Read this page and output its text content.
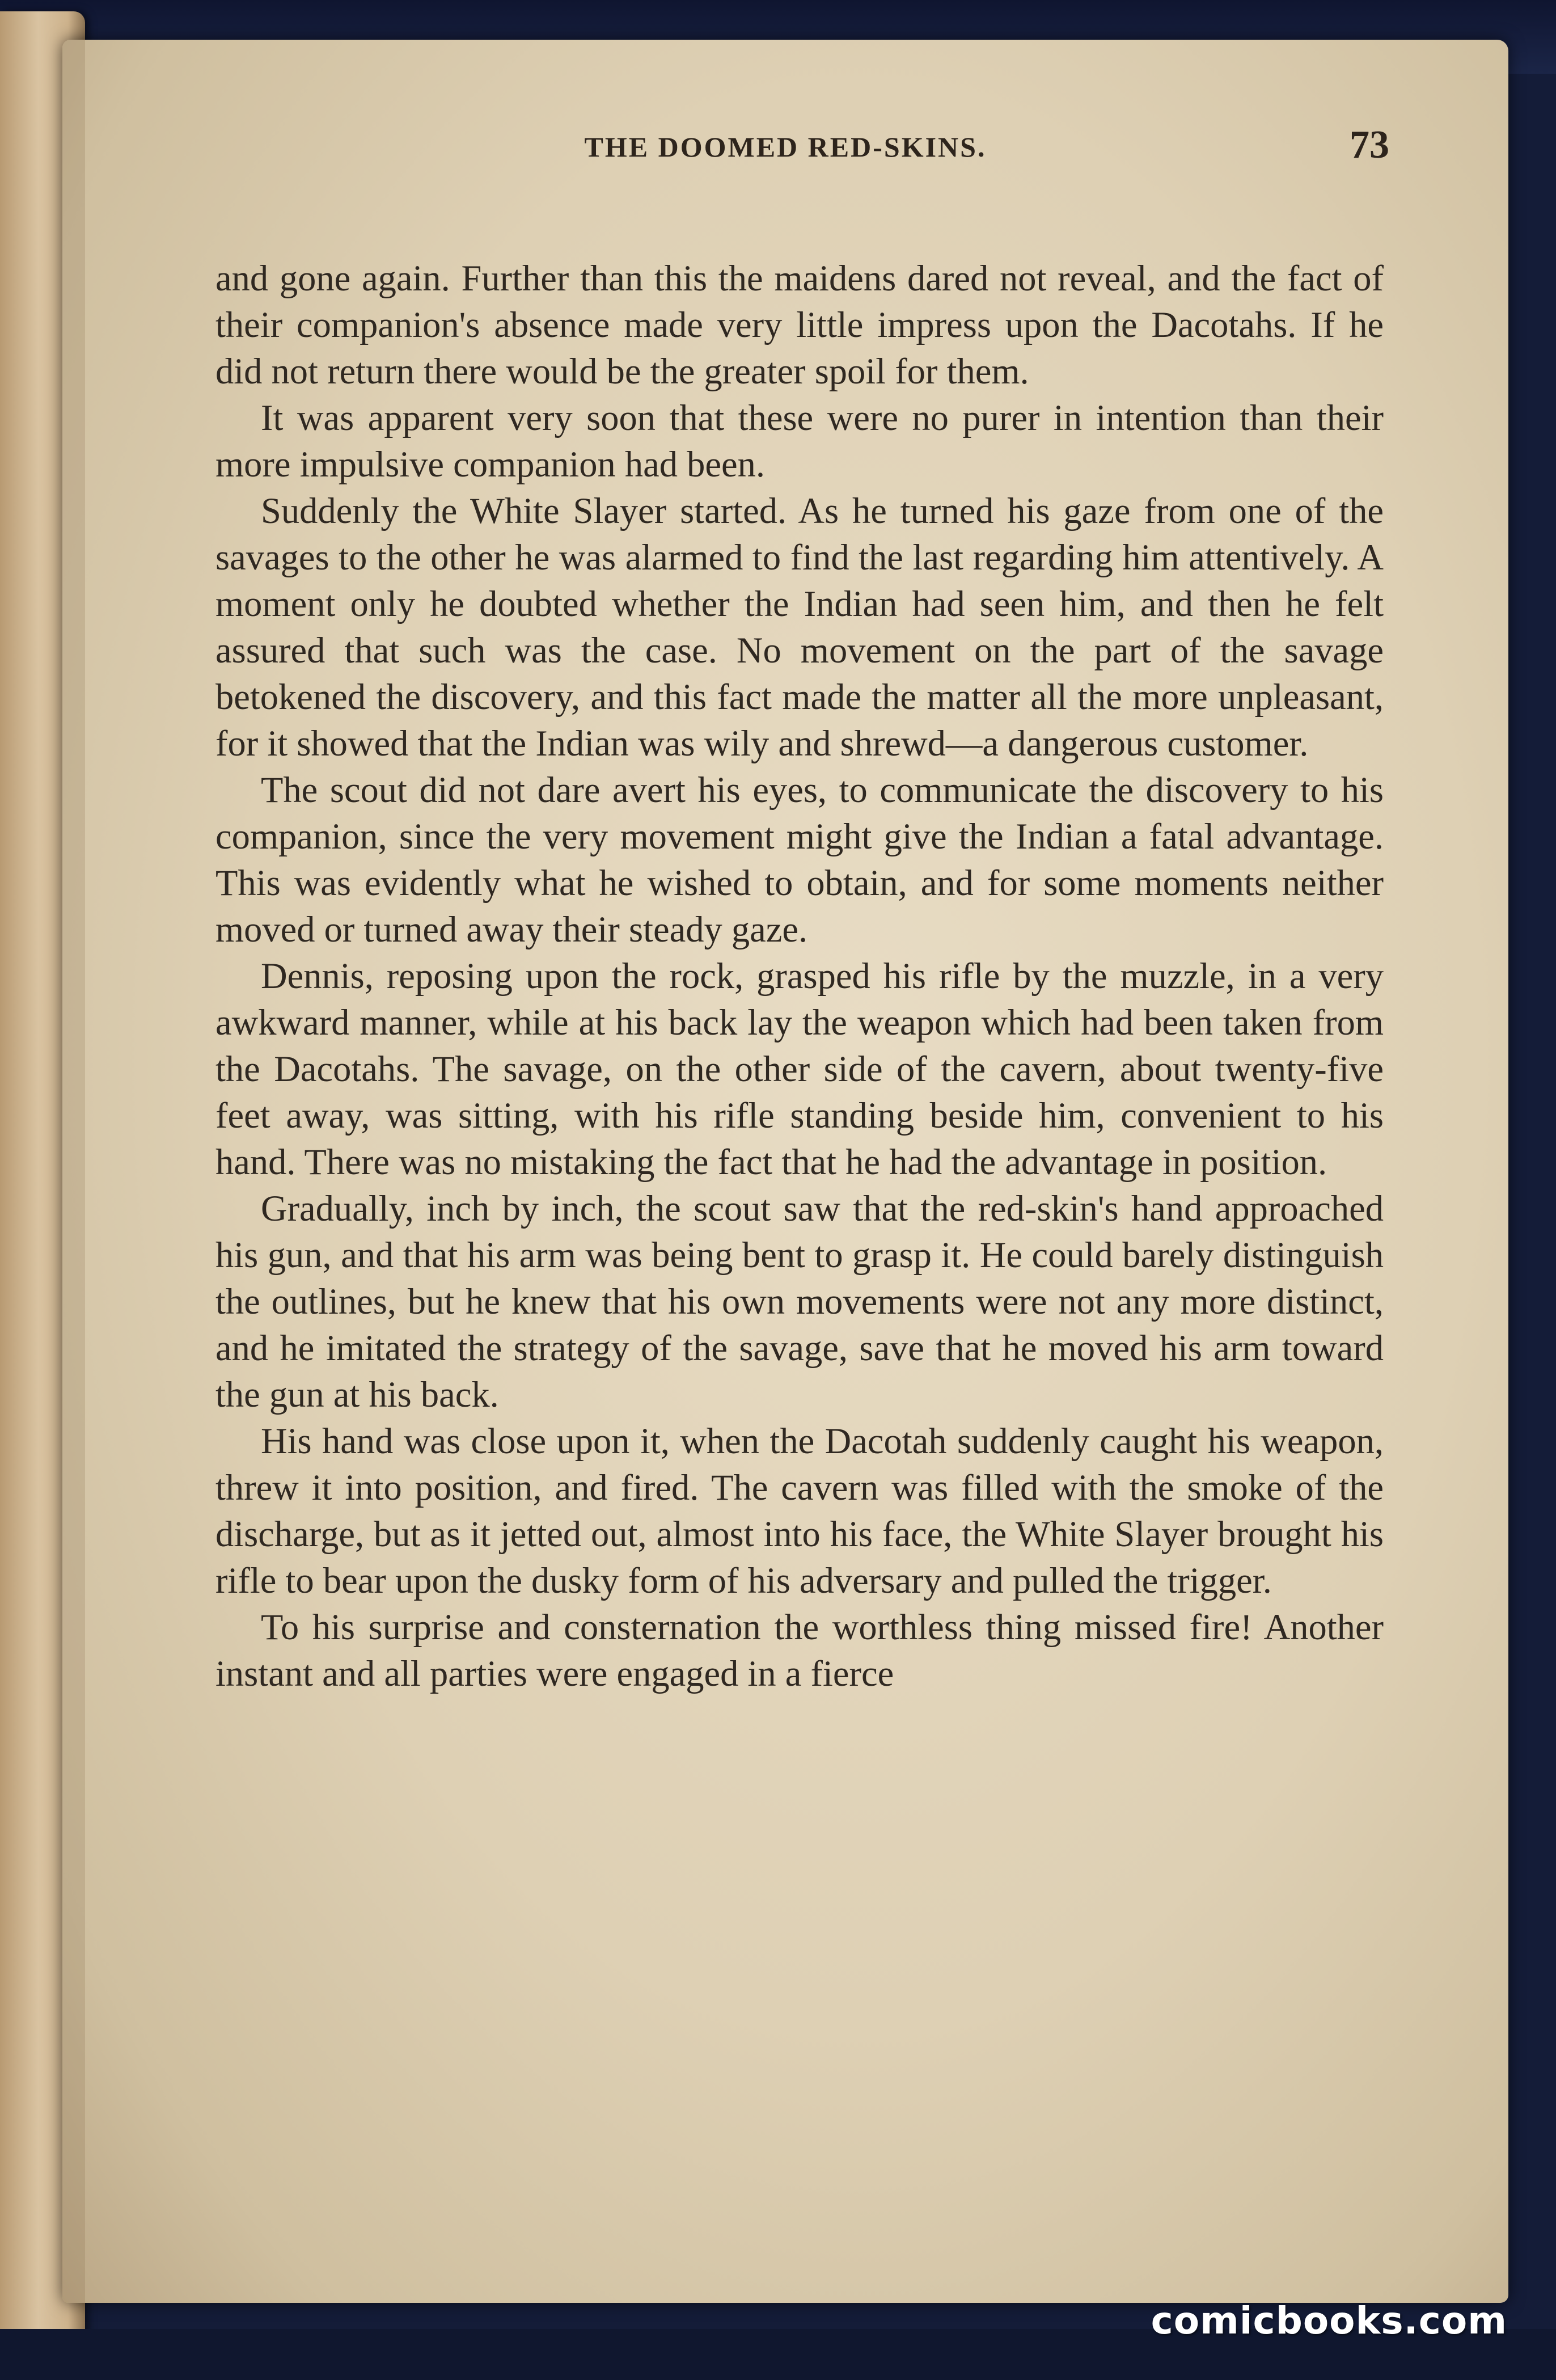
THE DOOMED RED-SKINS.	73

and gone again. Further than this the maidens dared not reveal, and the fact of their companion's absence made very little impress upon the Dacotahs. If he did not return there would be the greater spoil for them.

It was apparent very soon that these were no purer in intention than their more impulsive companion had been.

Suddenly the White Slayer started. As he turned his gaze from one of the savages to the other he was alarmed to find the last regarding him attentively. A moment only he doubted whether the Indian had seen him, and then he felt assured that such was the case. No movement on the part of the savage betokened the discovery, and this fact made the matter all the more unpleasant, for it showed that the Indian was wily and shrewd—a dangerous customer.

The scout did not dare avert his eyes, to communicate the discovery to his companion, since the very movement might give the Indian a fatal advantage. This was evidently what he wished to obtain, and for some moments neither moved or turned away their steady gaze.

Dennis, reposing upon the rock, grasped his rifle by the muzzle, in a very awkward manner, while at his back lay the weapon which had been taken from the Dacotahs. The savage, on the other side of the cavern, about twenty-five feet away, was sitting, with his rifle standing beside him, convenient to his hand. There was no mistaking the fact that he had the advantage in position.

Gradually, inch by inch, the scout saw that the red-skin's hand approached his gun, and that his arm was being bent to grasp it. He could barely distinguish the outlines, but he knew that his own movements were not any more distinct, and he imitated the strategy of the savage, save that he moved his arm toward the gun at his back.

His hand was close upon it, when the Dacotah suddenly caught his weapon, threw it into position, and fired. The cavern was filled with the smoke of the discharge, but as it jetted out, almost into his face, the White Slayer brought his rifle to bear upon the dusky form of his adversary and pulled the trigger.

To his surprise and consternation the worthless thing missed fire! Another instant and all parties were engaged in a fierce

comicbooks.com
